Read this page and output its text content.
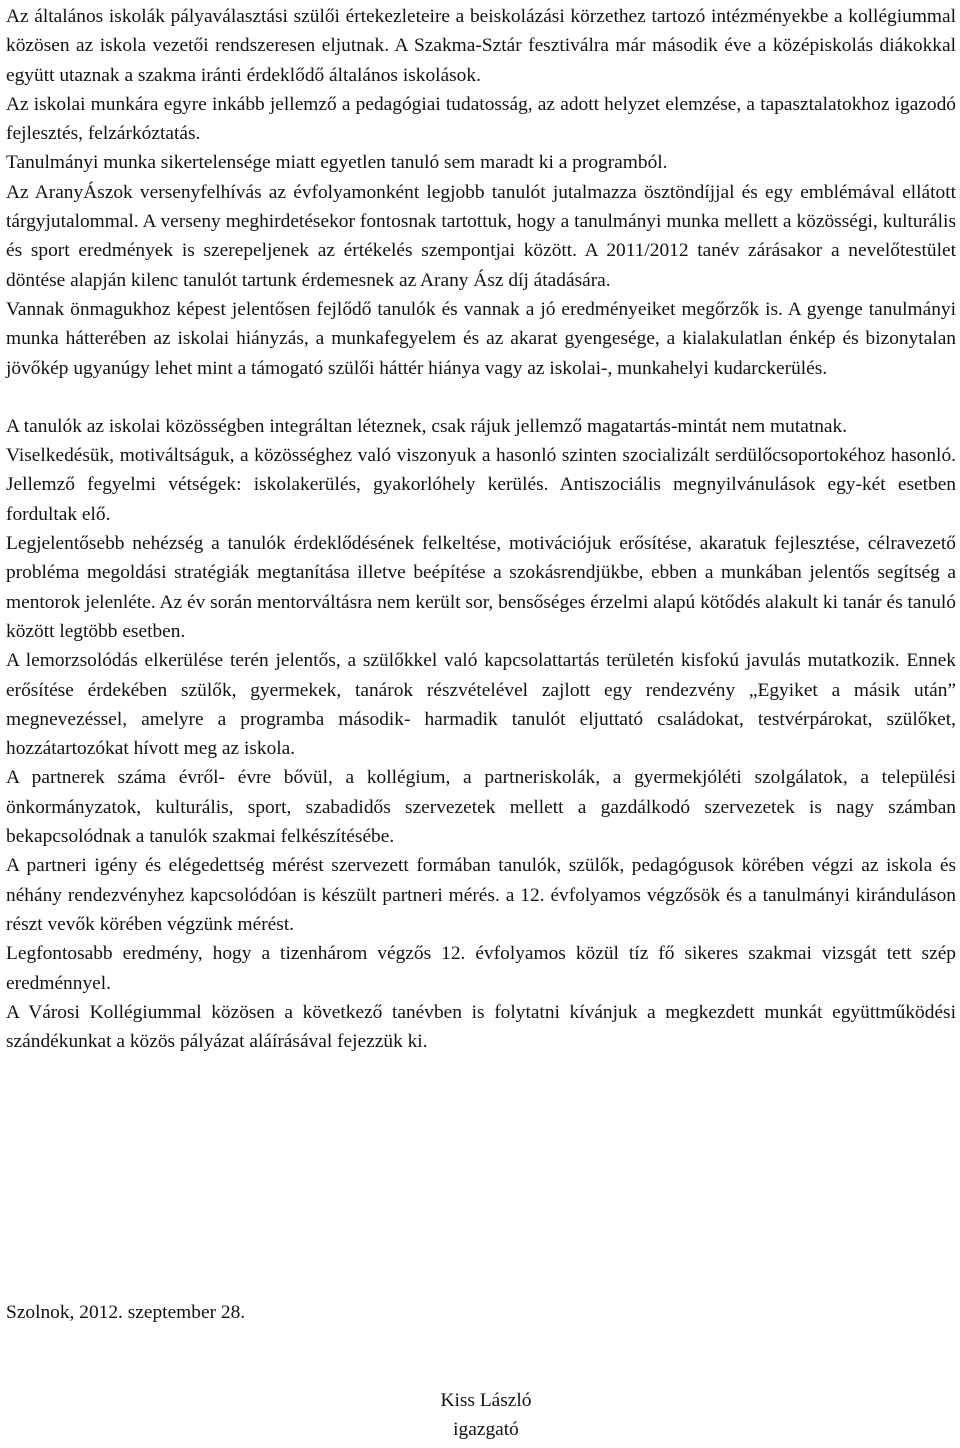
Az általános iskolák pályaválasztási szülői értekezleteire a beiskolázási körzethez tartozó intézményekbe a kollégiummal közösen az iskola vezetői rendszeresen eljutnak. A Szakma-Sztár fesztiválra már második éve a középiskolás diákokkal együtt utaznak a szakma iránti érdeklődő általános iskolások.

Az iskolai munkára egyre inkább jellemző a pedagógiai tudatosság, az adott helyzet elemzése, a tapasztalatokhoz igazodó fejlesztés, felzárkóztatás.

Tanulmányi munka sikertelensége miatt egyetlen tanuló sem maradt ki a programból.

Az AranyÁszok versenyfelhívás az évfolyamonként legjobb tanulót jutalmazza ösztöndíjjal és egy emblémával ellátott tárgyjutalommal. A verseny meghirdetésekor fontosnak tartottuk, hogy a tanulmányi munka mellett a közösségi, kulturális és sport eredmények is szerepeljenek az értékelés szempontjai között. A 2011/2012 tanév zárásakor a nevelőtestület döntése alapján kilenc tanulót tartunk érdemesnek az Arany Ász díj átadására.

Vannak önmagukhoz képest jelentősen fejlődő tanulók és vannak a jó eredményeiket megőrzők is. A gyenge tanulmányi munka hátterében az iskolai hiányzás, a munkafegyelem és az akarat gyengesége, a kialakulatlan énkép és bizonytalan jövőkép ugyanúgy lehet mint a támogató szülői háttér hiánya vagy az iskolai-, munkahelyi kudarckerülés.

A tanulók az iskolai közösségben integráltan léteznek, csak rájuk jellemző magatartás-mintát nem mutatnak.

Viselkedésük, motiváltságuk, a közösséghez való viszonyuk a hasonló szinten szocializált serdülőcsoportokéhoz hasonló. Jellemző fegyelmi vétségek: iskolakerülés, gyakorlóhely kerülés. Antiszociális megnyilvánulások egy-két esetben fordultak elő.

Legjelentősebb nehézség a tanulók érdeklődésének felkeltése, motivációjuk erősítése, akaratuk fejlesztése, célravezető probléma megoldási stratégiák megtanítása illetve beépítése a szokásrendjükbe, ebben a munkában jelentős segítség a mentorok jelenléte. Az év során mentorváltásra nem került sor, bensőséges érzelmi alapú kötődés alakult ki tanár és tanuló között legtöbb esetben.

A lemorzsolódás elkerülése terén jelentős, a szülőkkel való kapcsolattartás területén kisfokú javulás mutatkozik. Ennek erősítése érdekében szülők, gyermekek, tanárok részvételével zajlott egy rendezvény „Egyiket a másik után” megnevezéssel, amelyre a programba második- harmadik tanulót eljuttató családokat, testvérpárokat, szülőket, hozzátartozókat hívott meg az iskola.

A partnerek száma évről- évre bővül, a kollégium, a partneriskolák, a gyermekjóléti szolgálatok, a települési önkormányzatok, kulturális, sport, szabadidős szervezetek mellett a gazdálkodó szervezetek is nagy számban bekapcsolódnak a tanulók szakmai felkészítésébe.

A partneri igény és elégedettség mérést szervezett formában tanulók, szülők, pedagógusok körében végzi az iskola és néhány rendezvényhez kapcsolódóan is készült partneri mérés. a 12. évfolyamos végzősök és a tanulmányi kiránduláson részt vevők körében végzünk mérést.

Legfontosabb eredmény, hogy a tizenhárom végzős 12. évfolyamos közül tíz fő sikeres szakmai vizsgát tett szép eredménnyel.

A Városi Kollégiummal közösen a következő tanévben is folytatni kívánjuk a megkezdett munkát együttműködési szándékunkat a közös pályázat aláírásával fejezzük ki.

Szolnok, 2012. szeptember 28.

Kiss László
igazgató
